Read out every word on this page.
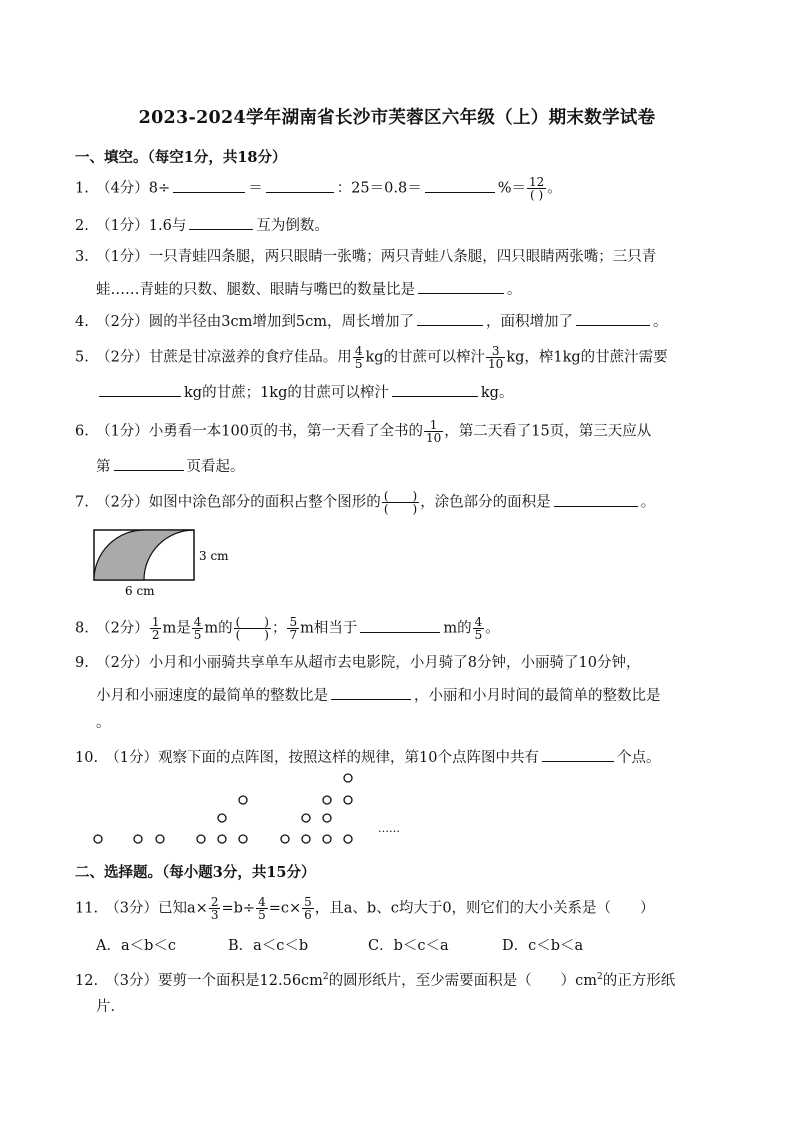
2023-2024学年湖南省长沙市芙蓉区六年级（上）期末数学试卷
一、填空。（每空1分，共18分）
1.　（4分）8÷	＝	：25＝0.8＝	%＝ $\frac{12}{( )}$ 。
2.　（1分）1.6与	互为倒数。
3.　（1分）一只青蛙四条腿，两只眼睛一张嘴；两只青蛙八条腿，四只眼睛两张嘴；三只青
蛙……青蛙的只数、腿数、眼睛与嘴巴的数量比是	。
4.　（2分）圆的半径由3cm增加到5cm，周长增加了	，面积增加了	。
5.　（2分）甘蔗是甘凉滋养的食疗佳品。用 $\frac{4}{5}$ kg的甘蔗可以榨汁 $\frac{3}{10}$ kg，榨1kg的甘蔗汁需要
kg的甘蔗；1kg的甘蔗可以榨汁	kg。
6.　（1分）小勇看一本100页的书，第一天看了全书的 $\frac{1}{10}$ ，第二天看了15页，第三天应从
第	页看起。
7.　（2分）如图中涂色部分的面积占整个图形的 $\frac{( )}{( )}$ ，涂色部分的面积是	。
3 cm
6 cm
8.　（2分） $\frac{1}{2}$ m是 $\frac{4}{5}$ m的 $\frac{( )}{( )}$ ； $\frac{5}{7}$ m相当于	m的 $\frac{4}{5}$ 。
9.　（2分）小月和小丽骑共享单车从超市去电影院，小月骑了8分钟，小丽骑了10分钟，
小月和小丽速度的最简单的整数比是	，小丽和小月时间的最简单的整数比是
。
10.　（1分）观察下面的点阵图，按照这样的规律，第10个点阵图中共有	个点。
……
二、选择题。（每小题3分，共15分）
11.　（3分）已知$a\times \frac{2}{3} =b\div \frac{4}{5} =c\times \frac{5}{6}$ ，且a、b、c均大于0，则它们的大小关系是（　　）
A．a＜b＜c	B．a＜c＜b	C．b＜c＜a	D．c＜b＜a
12.　（3分）要剪一个面积是$12.56cm^2$的圆形纸片，至少需要面积是（　　）$cm^2$的正方形纸
片．
